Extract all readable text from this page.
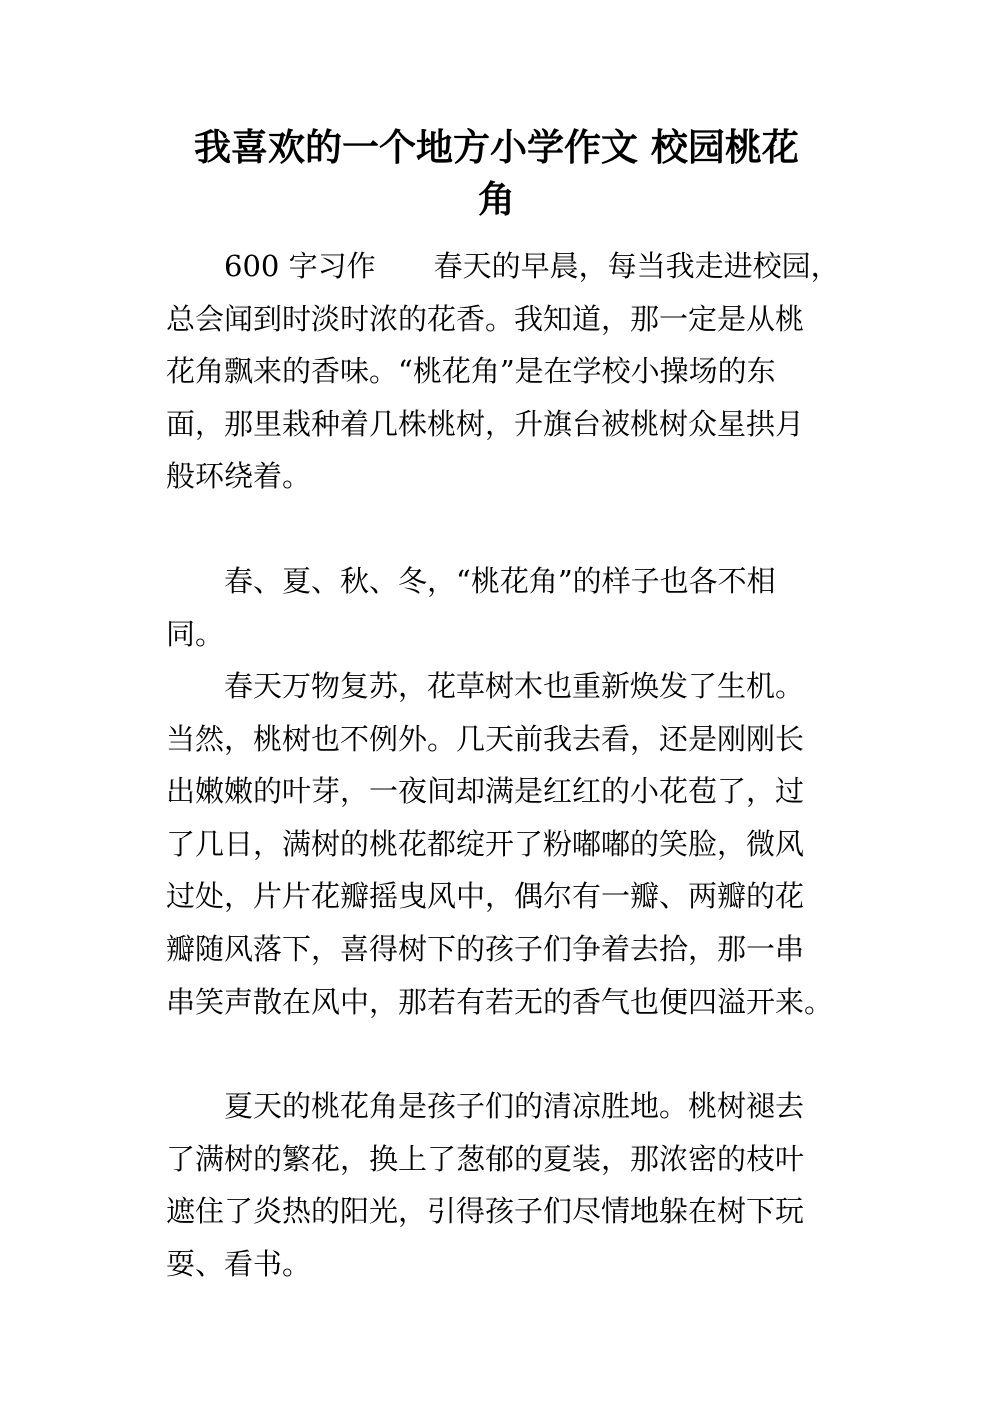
我喜欢的一个地方小学作文 校园桃花
角
600 字习作　　春天的早晨，每当我走进校园，
总会闻到时淡时浓的花香。我知道，那一定是从桃
花角飘来的香味。“桃花角”是在学校小操场的东
面，那里栽种着几株桃树，升旗台被桃树众星拱月
般环绕着。
春、夏、秋、冬，“桃花角”的样子也各不相
同。
春天万物复苏，花草树木也重新焕发了生机。
当然，桃树也不例外。几天前我去看，还是刚刚长
出嫩嫩的叶芽，一夜间却满是红红的小花苞了，过
了几日，满树的桃花都绽开了粉嘟嘟的笑脸，微风
过处，片片花瓣摇曳风中，偶尔有一瓣、两瓣的花
瓣随风落下，喜得树下的孩子们争着去拾，那一串
串笑声散在风中，那若有若无的香气也便四溢开来。
夏天的桃花角是孩子们的清凉胜地。桃树褪去
了满树的繁花，换上了葱郁的夏装，那浓密的枝叶
遮住了炎热的阳光，引得孩子们尽情地躲在树下玩
耍、看书。
